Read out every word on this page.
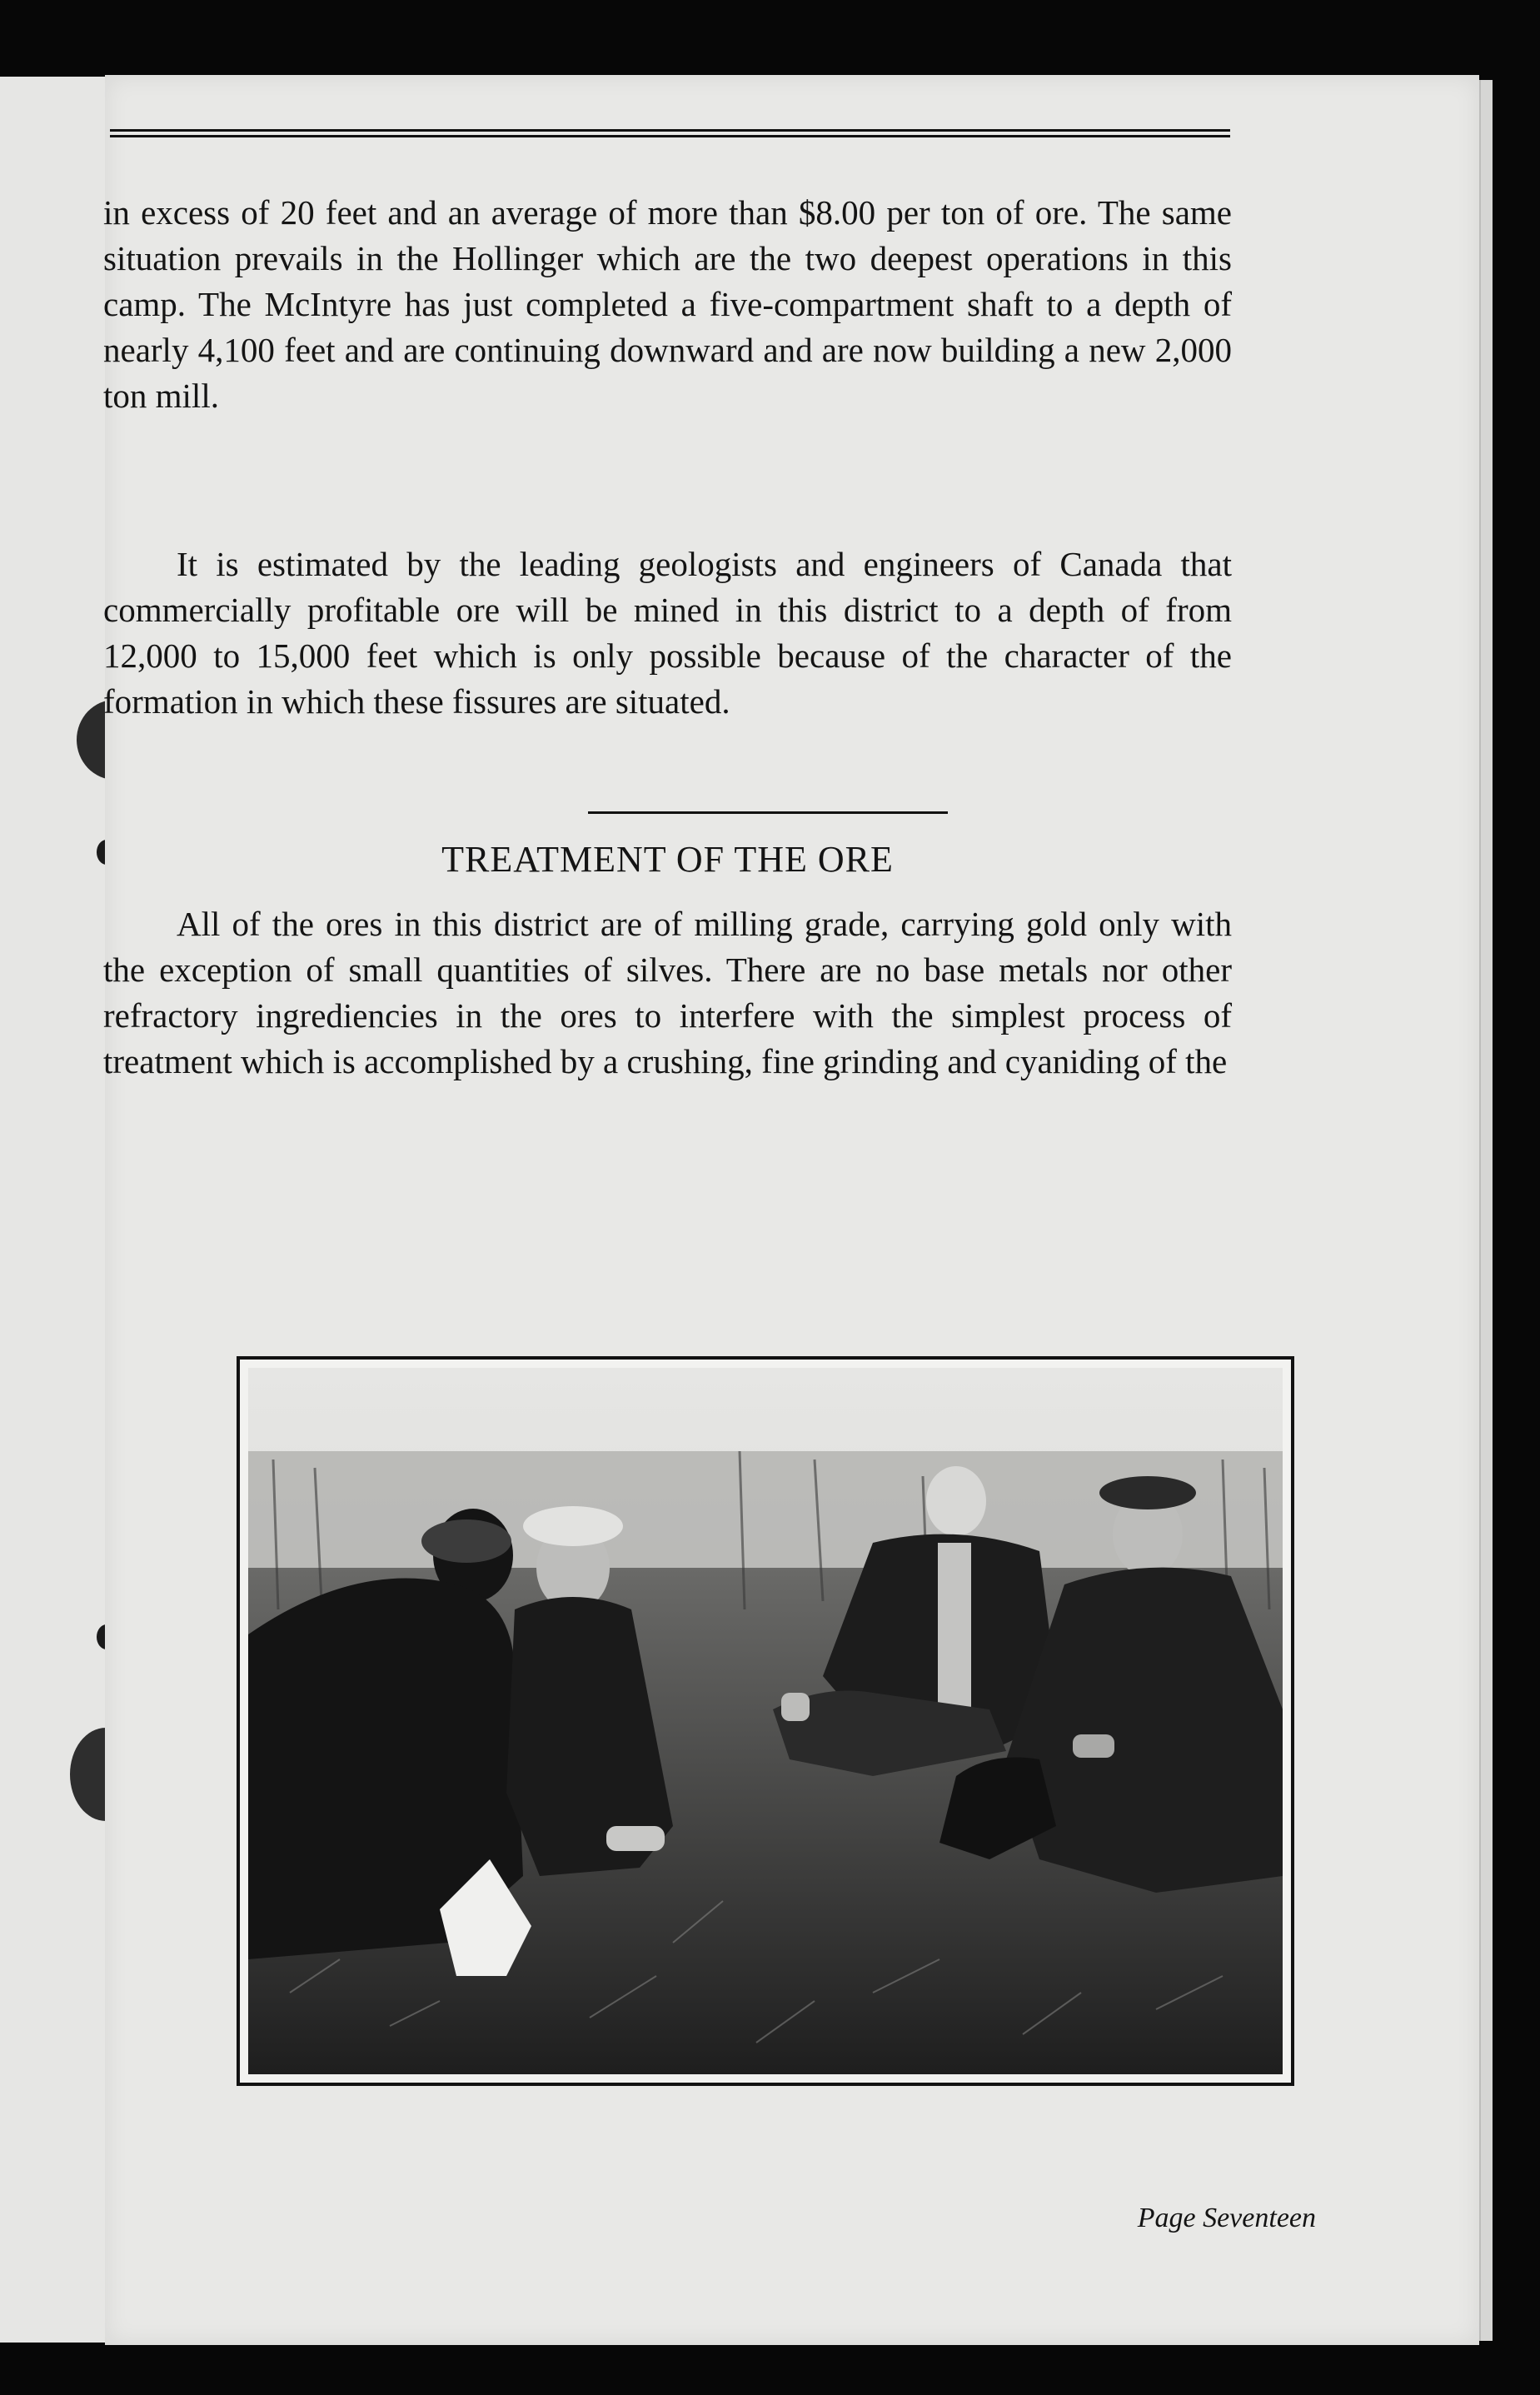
in excess of 20 feet and an average of more than $8.00 per ton of ore. The same situation prevails in the Hollinger which are the two deepest operations in this camp. The McIntyre has just completed a five-compartment shaft to a depth of nearly 4,100 feet and are continuing downward and are now building a new 2,000 ton mill.

It is estimated by the leading geologists and engineers of Canada that commercially profitable ore will be mined in this district to a depth of from 12,000 to 15,000 feet which is only possible because of the character of the formation in which these fissures are situated.

TREATMENT OF THE ORE

All of the ores in this district are of milling grade, carrying gold only with the exception of small quantities of silves. There are no base metals nor other refractory ingrediencies in the ores to interfere with the simplest process of treatment which is accomplished by a crushing, fine grinding and cyaniding of the

Page Seventeen
